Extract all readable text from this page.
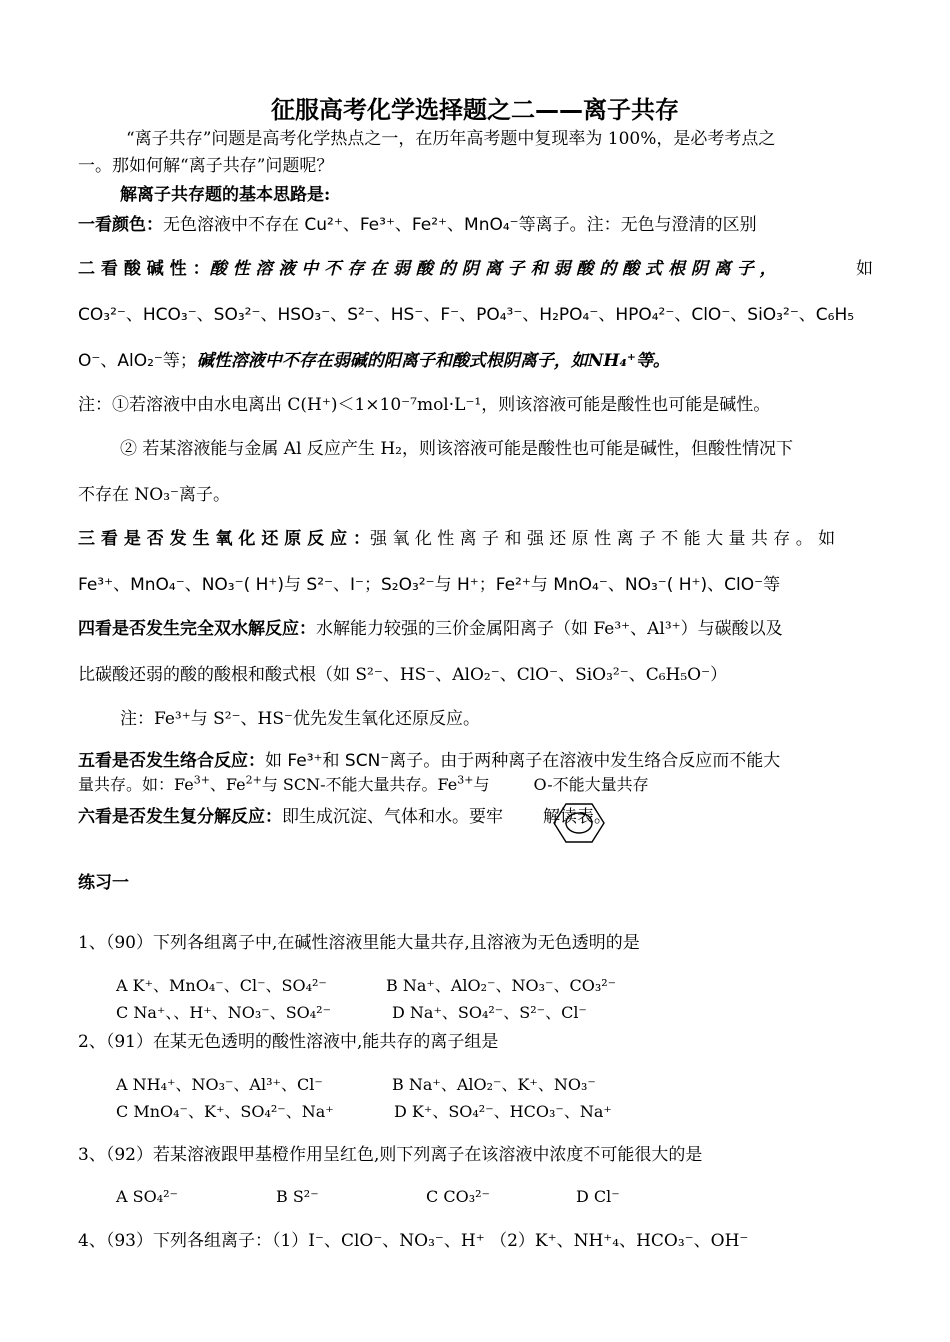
征服高考化学选择题之二——离子共存
“离子共存”问题是高考化学热点之一，在历年高考题中复现率为 100%，是必考考点之
一。那如何解“离子共存”问题呢？
解离子共存题的基本思路是:
一看颜色：无色溶液中不存在 Cu²⁺、Fe³⁺、Fe²⁺、MnO₄⁻等离子。注：无色与澄清的区别
二 看 酸 碱 性 ：酸 性 溶 液 中 不 存 在 弱 酸 的 阴 离 子 和 弱 酸 的 酸 式 根 阴 离 子 ，	如
CO₃²⁻、HCO₃⁻、SO₃²⁻、HSO₃⁻、S²⁻、HS⁻、F⁻、PO₄³⁻、H₂PO₄⁻、HPO₄²⁻、ClO⁻、SiO₃²⁻、C₆H₅
O⁻、AlO₂⁻等；碱性溶液中不存在弱碱的阳离子和酸式根阴离子，如NH₄⁺等。
注：①若溶液中由水电离出 C(H⁺)＜1×10⁻⁷mol·L⁻¹，则该溶液可能是酸性也可能是碱性。
② 若某溶液能与金属 Al 反应产生 H₂，则该溶液可能是酸性也可能是碱性，但酸性情况下
不存在 NO₃⁻离子。
三 看 是 否 发 生 氧 化 还 原 反 应 ：强 氧 化 性 离 子 和 强 还 原 性 离 子 不 能 大 量 共 存 。 如
Fe³⁺、MnO₄⁻、NO₃⁻( H⁺)与 S²⁻、I⁻；S₂O₃²⁻与 H⁺；Fe²⁺与 MnO₄⁻、NO₃⁻( H⁺)、ClO⁻等
四看是否发生完全双水解反应：水解能力较强的三价金属阳离子（如 Fe³⁺、Al³⁺）与碳酸以及
比碳酸还弱的酸的酸根和酸式根（如 S²⁻、HS⁻、AlO₂⁻、ClO⁻、SiO₃²⁻、C₆H₅O⁻）
注：Fe³⁺与 S²⁻、HS⁻优先发生氧化还原反应。
五看是否发生络合反应：如 Fe³⁺和 SCN⁻离子。由于两种离子在溶液中发生络合反应而不能大
量共存。如：$Fe^{3+}$、$Fe^{2+}$与 SCN-不能大量共存。$Fe^{3+}$与	O-不能大量共存
六看是否发生复分解反应：即生成沉淀、气体和水。要牢 解读表。
练习一
1、（90）下列各组离子中,在碱性溶液里能大量共存,且溶液为无色透明的是
A K⁺、MnO₄⁻、Cl⁻、SO₄²⁻	B Na⁺、AlO₂⁻、NO₃⁻、CO₃²⁻
C Na⁺、、H⁺、NO₃⁻、SO₄²⁻	D Na⁺、SO₄²⁻、S²⁻、Cl⁻
2、（91）在某无色透明的酸性溶液中,能共存的离子组是
A NH₄⁺、NO₃⁻、Al³⁺、Cl⁻	B Na⁺、AlO₂⁻、K⁺、NO₃⁻
C MnO₄⁻、K⁺、SO₄²⁻、Na⁺	D K⁺、SO₄²⁻、HCO₃⁻、Na⁺
3、（92）若某溶液跟甲基橙作用呈红色,则下列离子在该溶液中浓度不可能很大的是
A SO₄²⁻	B S²⁻	C CO₃²⁻	D Cl⁻
4、（93）下列各组离子：（1）I⁻、ClO⁻、NO₃⁻、H⁺ （2）K⁺、NH⁺₄、HCO₃⁻、OH⁻
